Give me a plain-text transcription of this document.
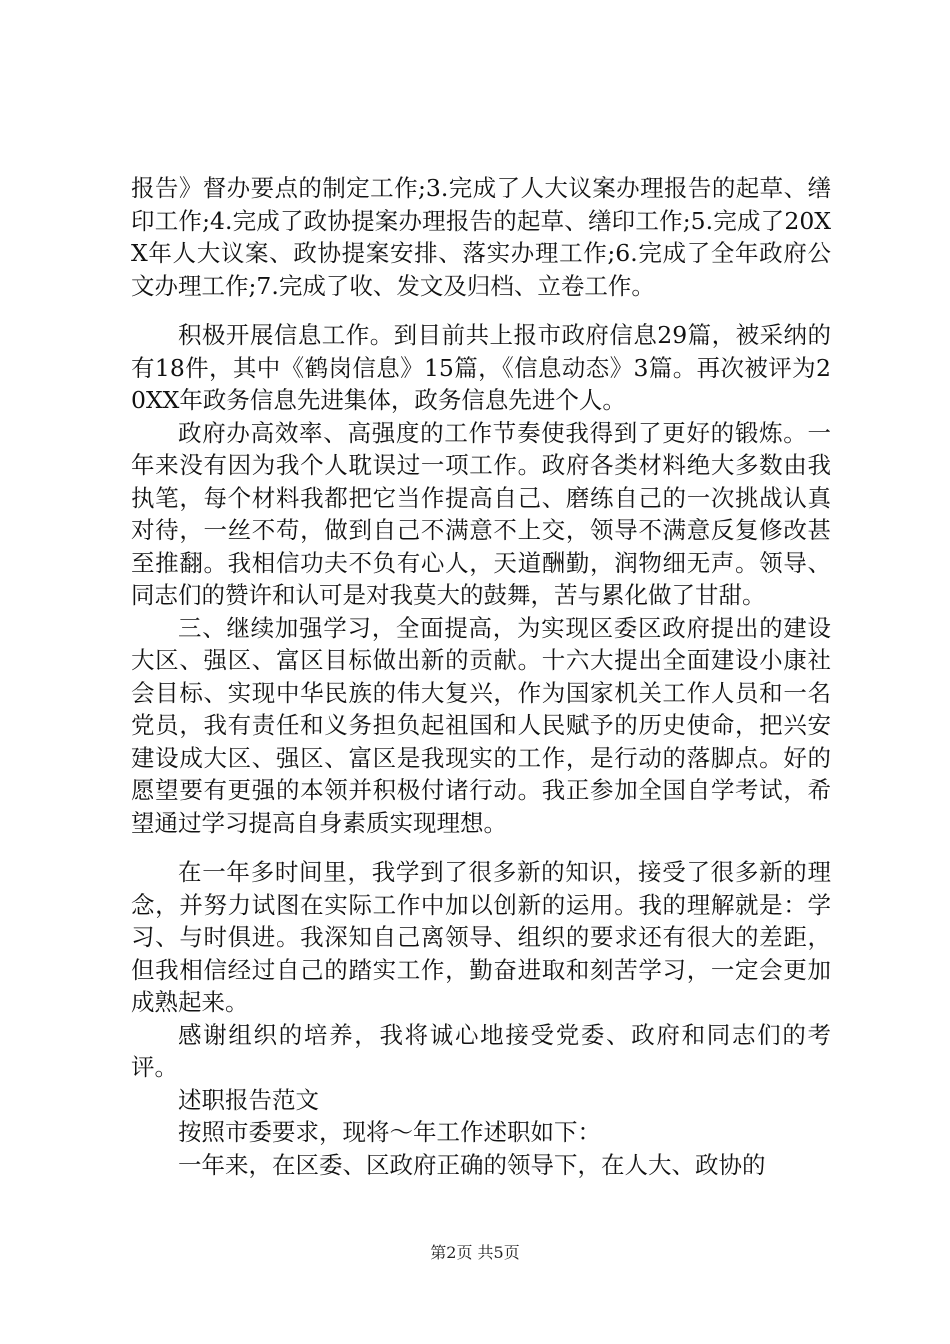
报告》督办要点的制定工作;3.完成了人大议案办理报告的起草、缮印工作;4.完成了政协提案办理报告的起草、缮印工作;5.完成了20XX年人大议案、政协提案安排、落实办理工作;6.完成了全年政府公文办理工作;7.完成了收、发文及归档、立卷工作。

积极开展信息工作。到目前共上报市政府信息29篇，被采纳的有18件，其中《鹤岗信息》15篇，《信息动态》3篇。再次被评为20XX年政务信息先进集体，政务信息先进个人。

政府办高效率、高强度的工作节奏使我得到了更好的锻炼。一年来没有因为我个人耽误过一项工作。政府各类材料绝大多数由我执笔，每个材料我都把它当作提高自己、磨练自己的一次挑战认真对待，一丝不苟，做到自己不满意不上交，领导不满意反复修改甚至推翻。我相信功夫不负有心人，天道酬勤，润物细无声。领导、同志们的赞许和认可是对我莫大的鼓舞，苦与累化做了甘甜。

三、继续加强学习，全面提高，为实现区委区政府提出的建设大区、强区、富区目标做出新的贡献。十六大提出全面建设小康社会目标、实现中华民族的伟大复兴，作为国家机关工作人员和一名党员，我有责任和义务担负起祖国和人民赋予的历史使命，把兴安建设成大区、强区、富区是我现实的工作，是行动的落脚点。好的愿望要有更强的本领并积极付诸行动。我正参加全国自学考试，希望通过学习提高自身素质实现理想。

在一年多时间里，我学到了很多新的知识，接受了很多新的理念，并努力试图在实际工作中加以创新的运用。我的理解就是：学习、与时俱进。我深知自己离领导、组织的要求还有很大的差距，但我相信经过自己的踏实工作，勤奋进取和刻苦学习，一定会更加成熟起来。

感谢组织的培养，我将诚心地接受党委、政府和同志们的考评。

述职报告范文

按照市委要求，现将～年工作述职如下：

一年来，在区委、区政府正确的领导下，在人大、政协的

第2页 共5页
